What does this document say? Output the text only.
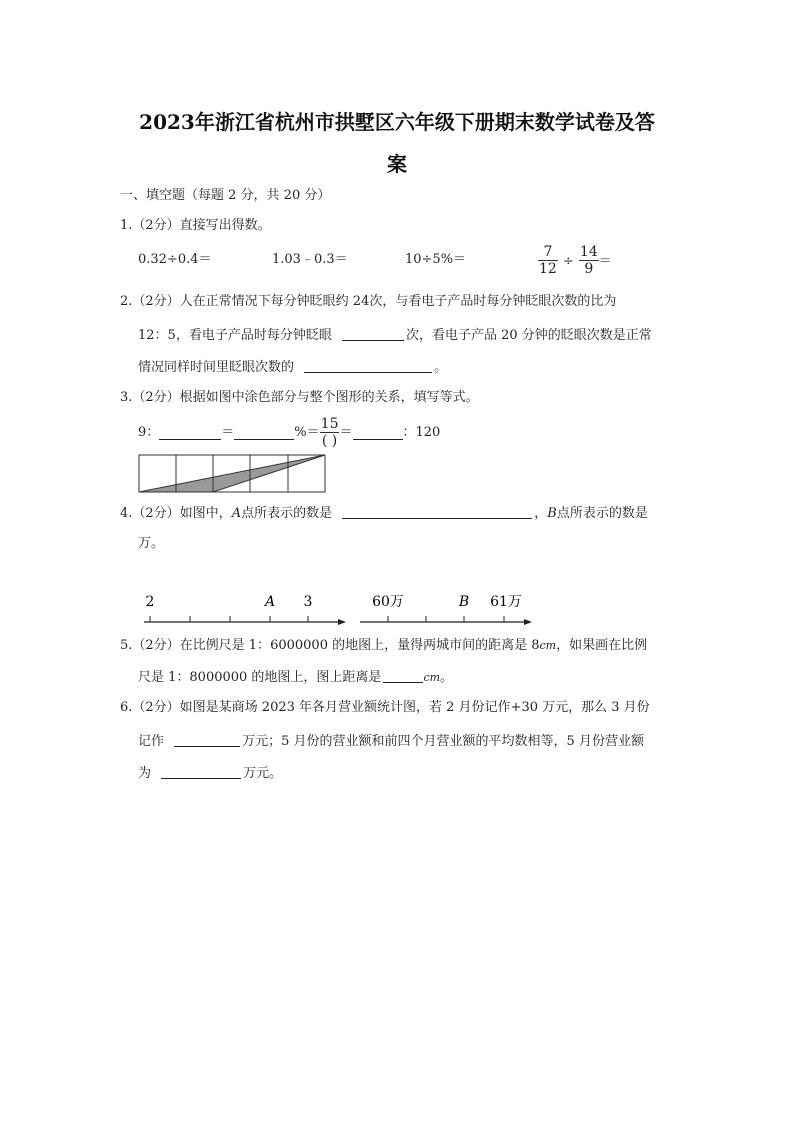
2023年浙江省杭州市拱墅区六年级下册期末数学试卷及答
案
一、填空题（每题 2 分，共 20 分）
1.（2分）直接写出得数。
0.32÷0.4＝	1.03﹣0.3＝	10÷5%＝	$\frac{7}{12} \div \frac{14}{9}$ ＝
2.（2分）人在正常情况下每分钟眨眼约 24次，与看电子产品时每分钟眨眼次数的比为
12：5，看电子产品时每分钟眨眼	次，看电子产品 20 分钟的眨眼次数是正常
情况同样时间里眨眼次数的	。
3.（2分）根据如图中涂色部分与整个图形的关系，填写等式。
9：	＝	%＝ $\frac{15}{( )}$ ＝	：120
4.（2分）如图中，A点所表示的数是	，B点所表示的数是
万。
2	A 3	60万	B 61万
5.（2分）在比例尺是 1：6000000 的地图上，量得两城市间的距离是 8cm，如果画在比例
尺是 1：8000000 的地图上，图上距离是	cm。
6.（2分）如图是某商场 2023 年各月营业额统计图，若 2 月份记作+30 万元，那么 3 月份
记作	万元；5 月份的营业额和前四个月营业额的平均数相等，5 月份营业额
为	万元。
